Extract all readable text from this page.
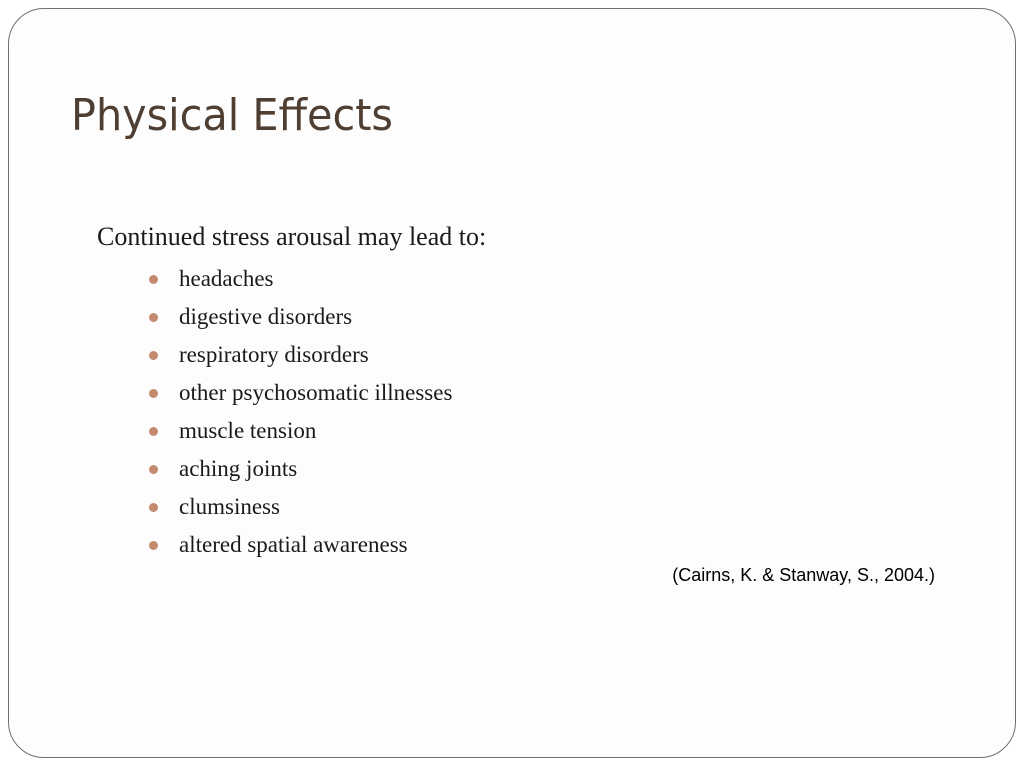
Physical Effects
Continued stress arousal may lead to:
headaches
digestive disorders
respiratory disorders
other psychosomatic illnesses
muscle tension
aching joints
clumsiness
altered spatial awareness
(Cairns, K. & Stanway, S., 2004.)
